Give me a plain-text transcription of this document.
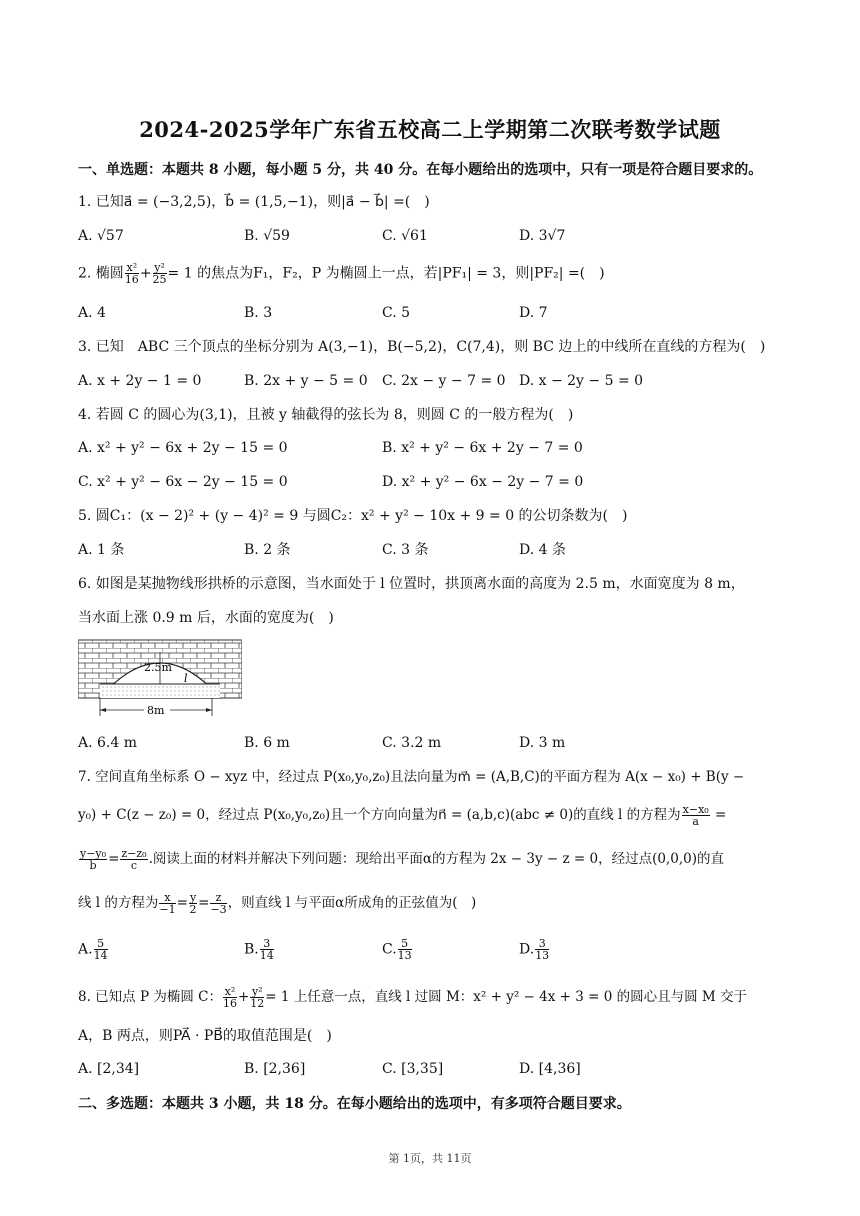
2024-2025学年广东省五校高二上学期第二次联考数学试题
一、单选题：本题共 8 小题，每小题 5 分，共 40 分。在每小题给出的选项中，只有一项是符合题目要求的。
1. 已知a⃗ = (−3,2,5)，b⃗ = (1,5,−1)，则|a⃗ − b⃗| =(　)
A. √57	B. √59	C. √61	D. 3√7
2. 椭圆 $\frac{\text{x²}}{16} + \frac{\text{y²}}{25} = 1$ 的焦点为F₁，F₂，P 为椭圆上一点，若|PF₁| = 3，则|PF₂| =(　)
A. 4	B. 3	C. 5	D. 7
3. 已知　ABC 三个顶点的坐标分别为 A(3,−1)，B(−5,2)，C(7,4)，则 BC 边上的中线所在直线的方程为(　)
A. x + 2y − 1 = 0	B. 2x + y − 5 = 0 C. 2x − y − 7 = 0 D. x − 2y − 5 = 0
4. 若圆 C 的圆心为(3,1)，且被 y 轴截得的弦长为 8，则圆 C 的一般方程为(　)
A. x² + y² − 6x + 2y − 15 = 0	B. x² + y² − 6x + 2y − 7 = 0
C. x² + y² − 6x − 2y − 15 = 0	D. x² + y² − 6x − 2y − 7 = 0
5. 圆C₁：(x − 2)² + (y − 4)² = 9 与圆C₂：x² + y² − 10x + 9 = 0 的公切条数为(　)
A. 1 条	B. 2 条	C. 3 条	D. 4 条
6. 如图是某抛物线形拱桥的示意图，当水面处于 l 位置时，拱顶离水面的高度为 2.5 m，水面宽度为 8 m，
当水面上涨 0.9 m 后，水面的宽度为(　)
2.5m
l
8m
A. 6.4 m	B. 6 m	C. 3.2 m	D. 3 m
7. 空间直角坐标系 O − xyz 中，经过点 P(x₀,y₀,z₀)且法向量为m⃗ = (A,B,C)的平面方程为 A(x − x₀) + B(y −
y₀) + C(z − z₀) = 0，经过点 P(x₀,y₀,z₀)且一个方向向量为n⃗ = (a,b,c)(abc ≠ 0)的直线 l 的方程为 $\frac{\text{x−x₀}}{a}$ =
$\frac{\text{y−y₀}}{b} = \frac{\text{z−z₀}}{c}$ .阅读上面的材料并解决下列问题：现给出平面α的方程为 2x − 3y − z = 0，经过点(0,0,0)的直
线 l 的方程为 $\frac{x}{-1} = \frac{y}{2} = \frac{z}{-3}$ ，则直线 l 与平面α所成角的正弦值为(　)
A. $\frac{5}{14}$	B. $\frac{3}{14}$	C. $\frac{5}{13}$	D. $\frac{3}{13}$
8. 已知点 P 为椭圆 C： $\frac{\text{x²}}{16} + \frac{\text{y²}}{12} = 1$ 上任意一点，直线 l 过圆 M：x² + y² − 4x + 3 = 0 的圆心且与圆 M 交于
A，B 两点，则PA⃗ · PB⃗的取值范围是(　)
A. [2,34]	B. [2,36]	C. [3,35]	D. [4,36]
二、多选题：本题共 3 小题，共 18 分。在每小题给出的选项中，有多项符合题目要求。
第 1页，共 11页
